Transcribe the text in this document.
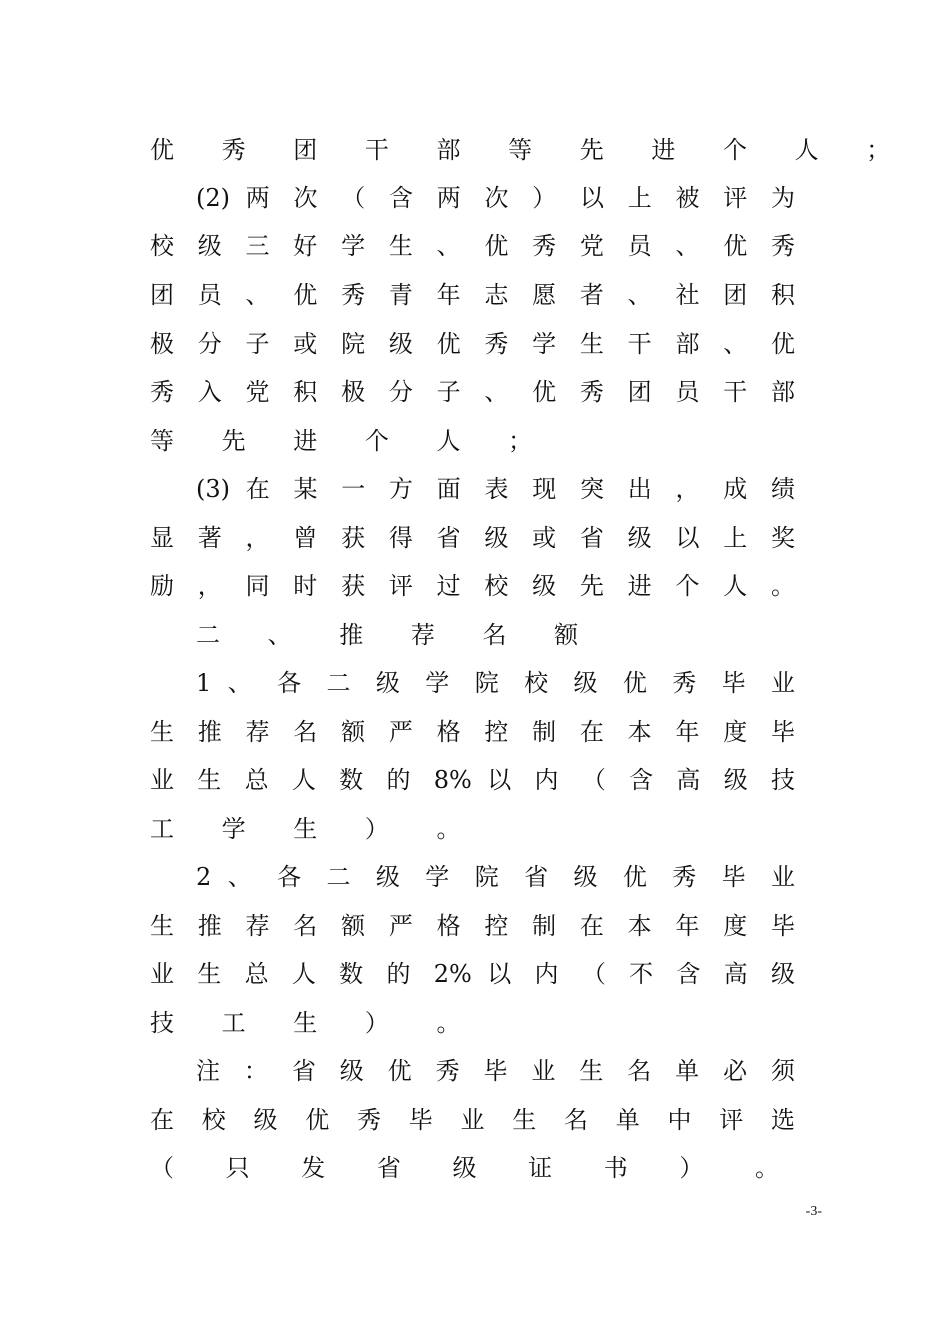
优 秀 团 干 部 等 先 进 个 人 ；
(2) 两 次 （ 含 两 次 ） 以 上 被 评 为
校 级 三 好 学 生 、 优 秀 党 员 、 优 秀
团 员 、 优 秀 青 年 志 愿 者 、 社 团 积
极 分 子 或 院 级 优 秀 学 生 干 部 、 优
秀 入 党 积 极 分 子 、 优 秀 团 员 干 部
等 先 进 个 人 ；
(3) 在 某 一 方 面 表 现 突 出 ， 成 绩
显 著 ， 曾 获 得 省 级 或 省 级 以 上 奖
励 ， 同 时 获 评 过 校 级 先 进 个 人 。
二 、 推 荐 名 额
1 、 各 二 级 学 院 校 级 优 秀 毕 业
生 推 荐 名 额 严 格 控 制 在 本 年 度 毕
业 生 总 人 数 的 8% 以 内 （ 含 高 级 技
工 学 生 ） 。
2 、 各 二 级 学 院 省 级 优 秀 毕 业
生 推 荐 名 额 严 格 控 制 在 本 年 度 毕
业 生 总 人 数 的 2% 以 内 （ 不 含 高 级
技 工 生 ） 。
注 ： 省 级 优 秀 毕 业 生 名 单 必 须
在 校 级 优 秀 毕 业 生 名 单 中 评 选
（ 只 发 省 级 证 书 ） 。
-3-
